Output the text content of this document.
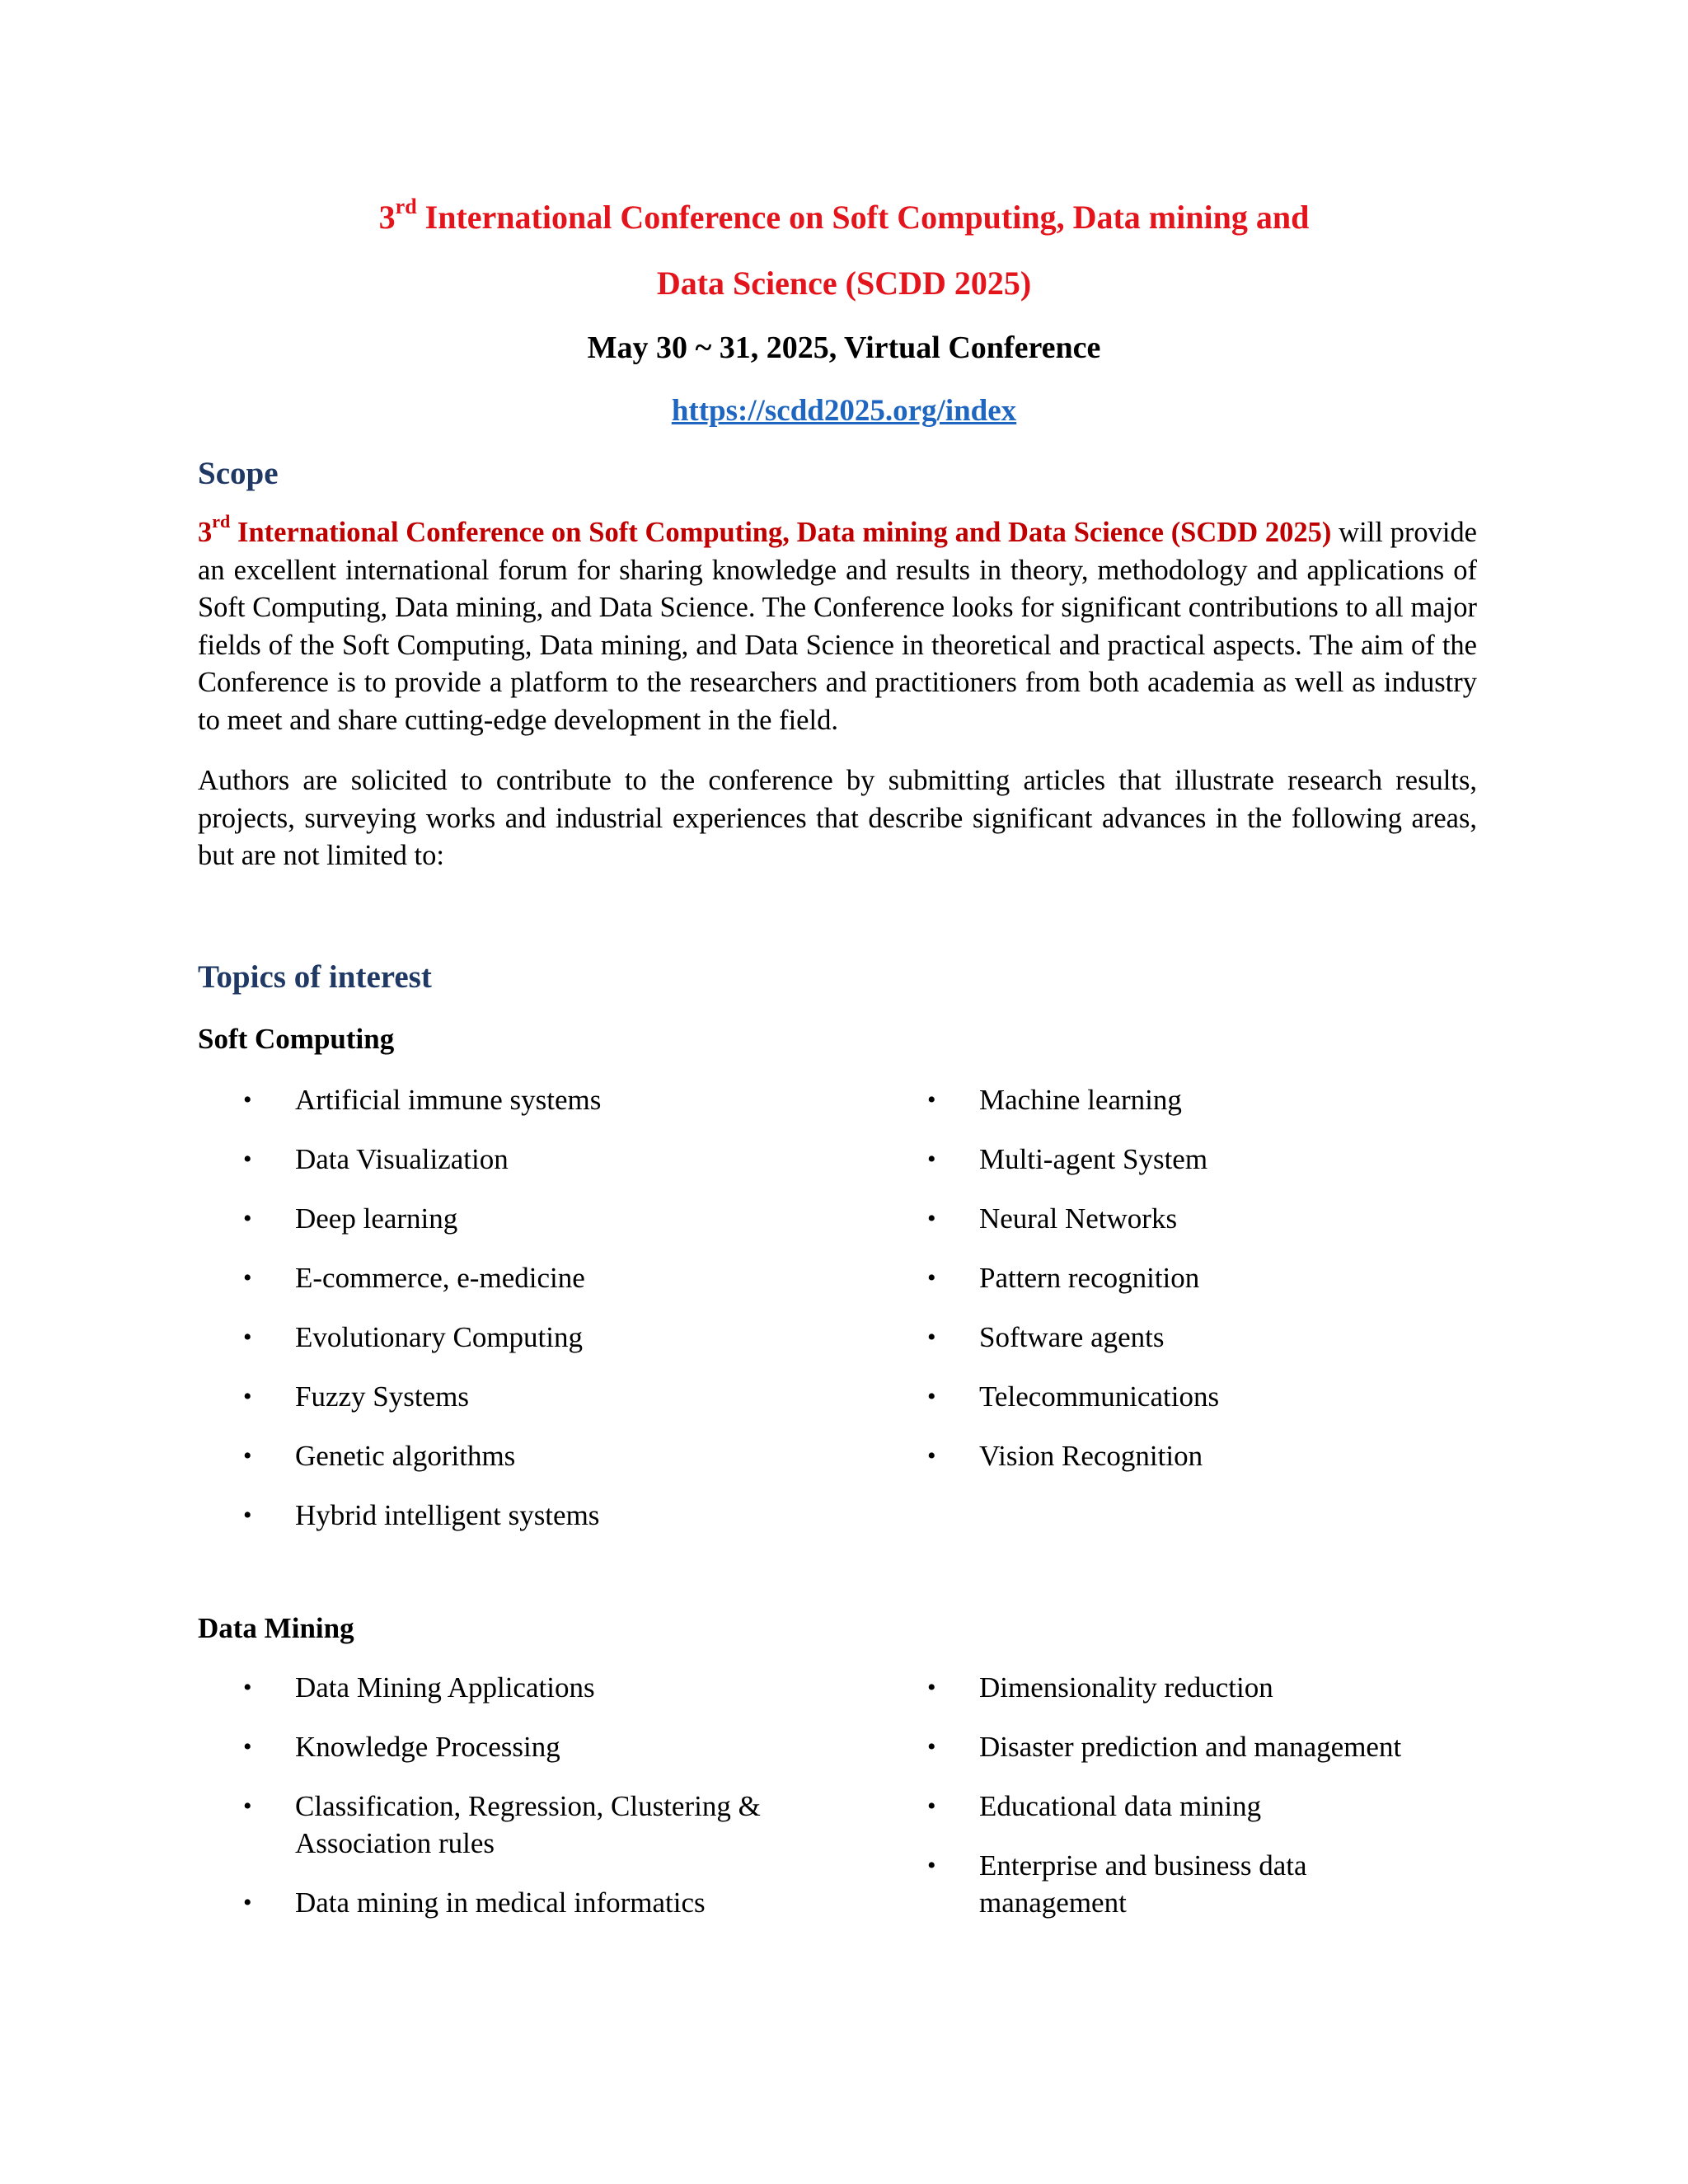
3rd International Conference on Soft Computing, Data mining and
Data Science (SCDD 2025)
May 30 ~ 31, 2025, Virtual Conference
https://scdd2025.org/index
Scope
3rd International Conference on Soft Computing, Data mining and Data Science (SCDD 2025) will provide an excellent international forum for sharing knowledge and results in theory, methodology and applications of Soft Computing, Data mining, and Data Science. The Conference looks for significant contributions to all major fields of the Soft Computing, Data mining, and Data Science in theoretical and practical aspects. The aim of the Conference is to provide a platform to the researchers and practitioners from both academia as well as industry to meet and share cutting-edge development in the field.
Authors are solicited to contribute to the conference by submitting articles that illustrate research results, projects, surveying works and industrial experiences that describe significant advances in the following areas, but are not limited to:
Topics of interest
Soft Computing
• Artificial immune systems
• Data Visualization
• Deep learning
• E-commerce, e-medicine
• Evolutionary Computing
• Fuzzy Systems
• Genetic algorithms
• Hybrid intelligent systems
• Machine learning
• Multi-agent System
• Neural Networks
• Pattern recognition
• Software agents
• Telecommunications
• Vision Recognition
Data Mining
• Data Mining Applications
• Knowledge Processing
• Classification, Regression, Clustering & Association rules
• Data mining in medical informatics
• Dimensionality reduction
• Disaster prediction and management
• Educational data mining
• Enterprise and business data management
